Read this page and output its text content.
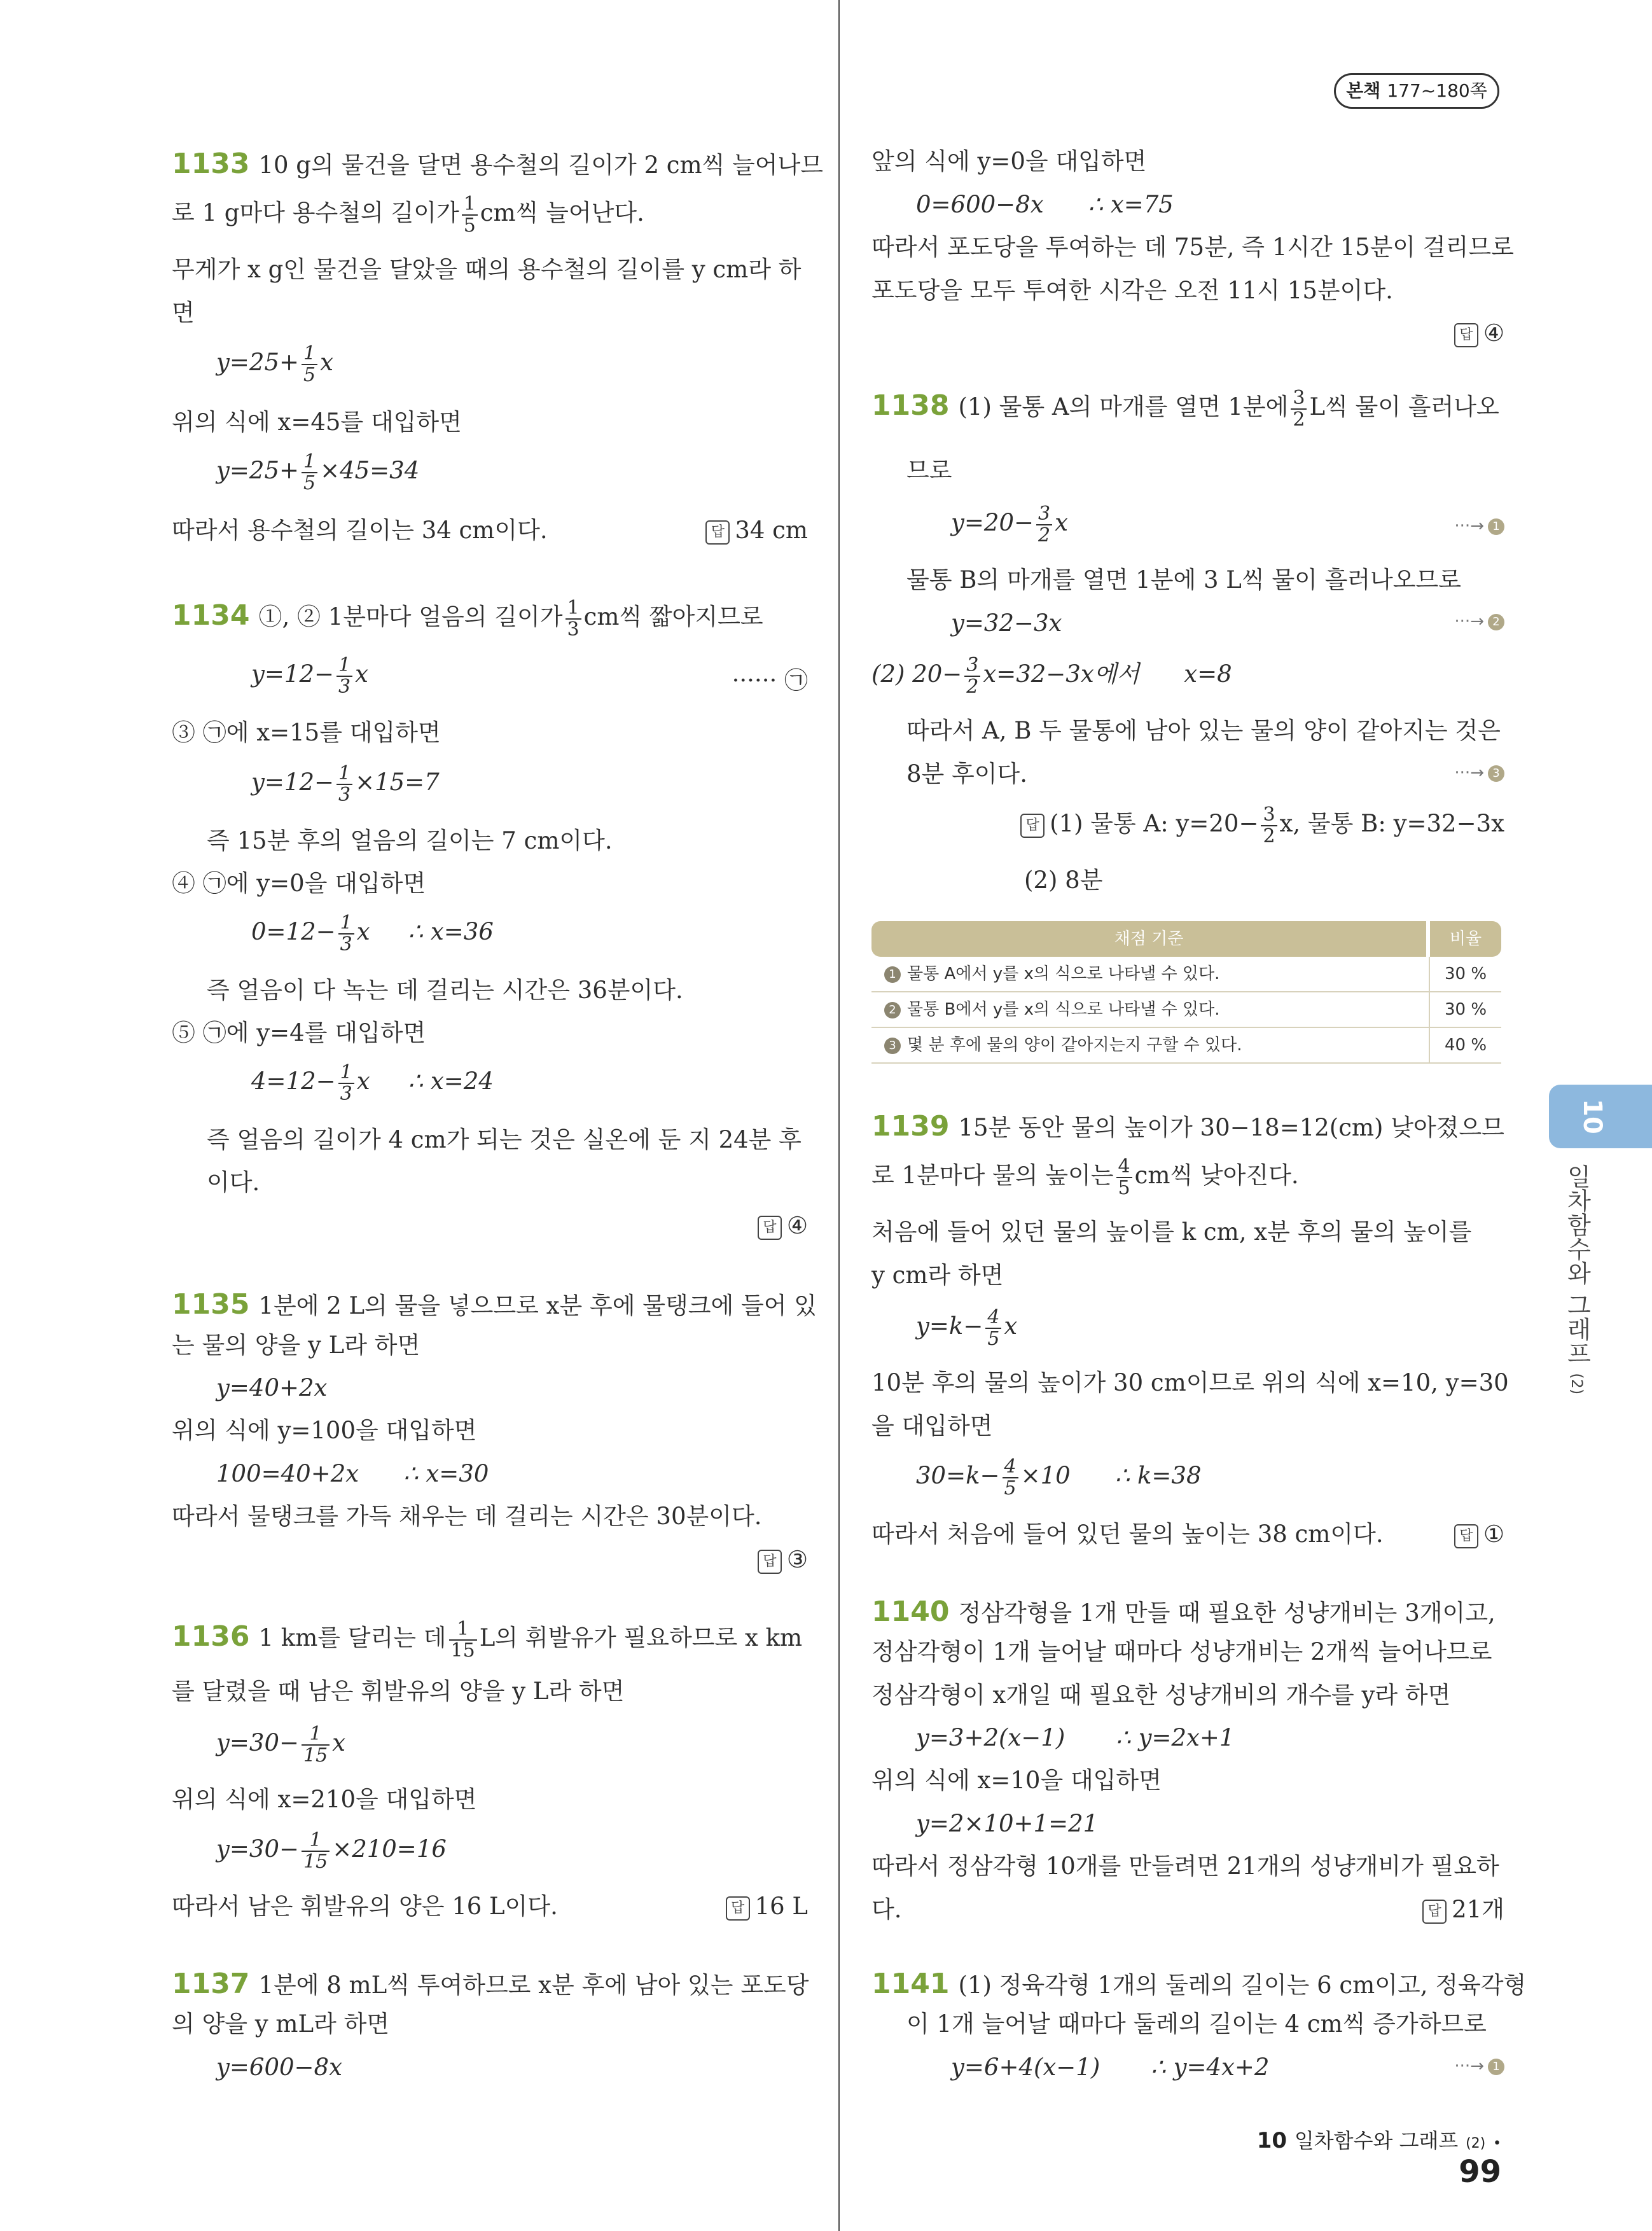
본책 177~180쪽
1133 10 g의 물건을 달면 용수철의 길이가 2 cm씩 늘어나므
로 1 g마다 용수철의 길이가 $\frac{1}{5}$ cm씩 늘어난다.
무게가 x g인 물건을 달았을 때의 용수철의 길이를 y cm라 하
면
$y=25+ \frac{1}{5}$ x
위의 식에 x=45를 대입하면
$y=25+ \frac{1}{5} \times 45=34$
따라서 용수철의 길이는 34 cm이다.	답 34 cm
1134 ①, ② 1분마다 얼음의 길이가 $\frac{1}{3}$ cm씩 짧아지므로
$y=12- \frac{1}{3}$ x	······ ㉠
③ ㉠에 x=15를 대입하면
$y=12- \frac{1}{3} \times 15=7$
즉 15분 후의 얼음의 길이는 7 cm이다.
④ ㉠에 y=0을 대입하면
$0=12- \frac{1}{3}$ x ∴ x=36
즉 얼음이 다 녹는 데 걸리는 시간은 36분이다.
⑤ ㉠에 y=4를 대입하면
$4=12- \frac{1}{3}$ x ∴ x=24
즉 얼음의 길이가 4 cm가 되는 것은 실온에 둔 지 24분 후
이다.
답 ④
1135 1분에 2 L의 물을 넣으므로 x분 후에 물탱크에 들어 있
는 물의 양을 y L라 하면
y=40+2x
위의 식에 y=100을 대입하면
100=40+2x ∴ x=30
따라서 물탱크를 가득 채우는 데 걸리는 시간은 30분이다.
답 ③
1136 1 km를 달리는 데 $\frac{1}{15}$ L의 휘발유가 필요하므로 x km
를 달렸을 때 남은 휘발유의 양을 y L라 하면
$y=30- \frac{1}{15}$ x
위의 식에 x=210을 대입하면
$y=30- \frac{1}{15} \times 210=16$
따라서 남은 휘발유의 양은 16 L이다.	답 16 L
1137 1분에 8 mL씩 투여하므로 x분 후에 남아 있는 포도당
의 양을 y mL라 하면
y=600−8x
앞의 식에 y=0을 대입하면
0=600−8x ∴ x=75
따라서 포도당을 투여하는 데 75분, 즉 1시간 15분이 걸리므로
포도당을 모두 투여한 시각은 오전 11시 15분이다.
답 ④
1138 (1) 물통 A의 마개를 열면 1분에 $\frac{3}{2}$ L씩 물이 흘러나오
므로
$y=20- \frac{3}{2}$ x	···→ 1
물통 B의 마개를 열면 1분에 3 L씩 물이 흘러나오므로
y=32−3x	···→ 2
(2) $20- \frac{3}{2} x=32-3x$에서 x=8
따라서 A, B 두 물통에 남아 있는 물의 양이 같아지는 것은
8분 후이다.	···→ 3
답 (1) 물통 A: $y=20- \frac{3}{2} x$, 물통 B: y=32−3x
(2) 8분
채점 기준	비율
1 물통 A에서 y를 x의 식으로 나타낼 수 있다.	30 %
2 물통 B에서 y를 x의 식으로 나타낼 수 있다.	30 %
3 몇 분 후에 물의 양이 같아지는지 구할 수 있다.	40 %
1139 15분 동안 물의 높이가 30−18=12(cm) 낮아졌으므
로 1분마다 물의 높이는 $\frac{4}{5}$ cm씩 낮아진다.
처음에 들어 있던 물의 높이를 k cm, x분 후의 물의 높이를
y cm라 하면
$y=k- \frac{4}{5}$ x
10분 후의 물의 높이가 30 cm이므로 위의 식에 x=10, y=30
을 대입하면
$30=k- \frac{4}{5} \times 10$ ∴ k=38
따라서 처음에 들어 있던 물의 높이는 38 cm이다.	답 ①
1140 정삼각형을 1개 만들 때 필요한 성냥개비는 3개이고,
정삼각형이 1개 늘어날 때마다 성냥개비는 2개씩 늘어나므로
정삼각형이 x개일 때 필요한 성냥개비의 개수를 y라 하면
y=3+2(x−1) ∴ y=2x+1
위의 식에 x=10을 대입하면
y=2×10+1=21
따라서 정삼각형 10개를 만들려면 21개의 성냥개비가 필요하
다.	답 21개
1141 (1) 정육각형 1개의 둘레의 길이는 6 cm이고, 정육각형
이 1개 늘어날 때마다 둘레의 길이는 4 cm씩 증가하므로
y=6+4(x−1) ∴ y=4x+2	···→ 1
10
일차함수와 그래프 (2)
10 일차함수와 그래프 (2) • 99
